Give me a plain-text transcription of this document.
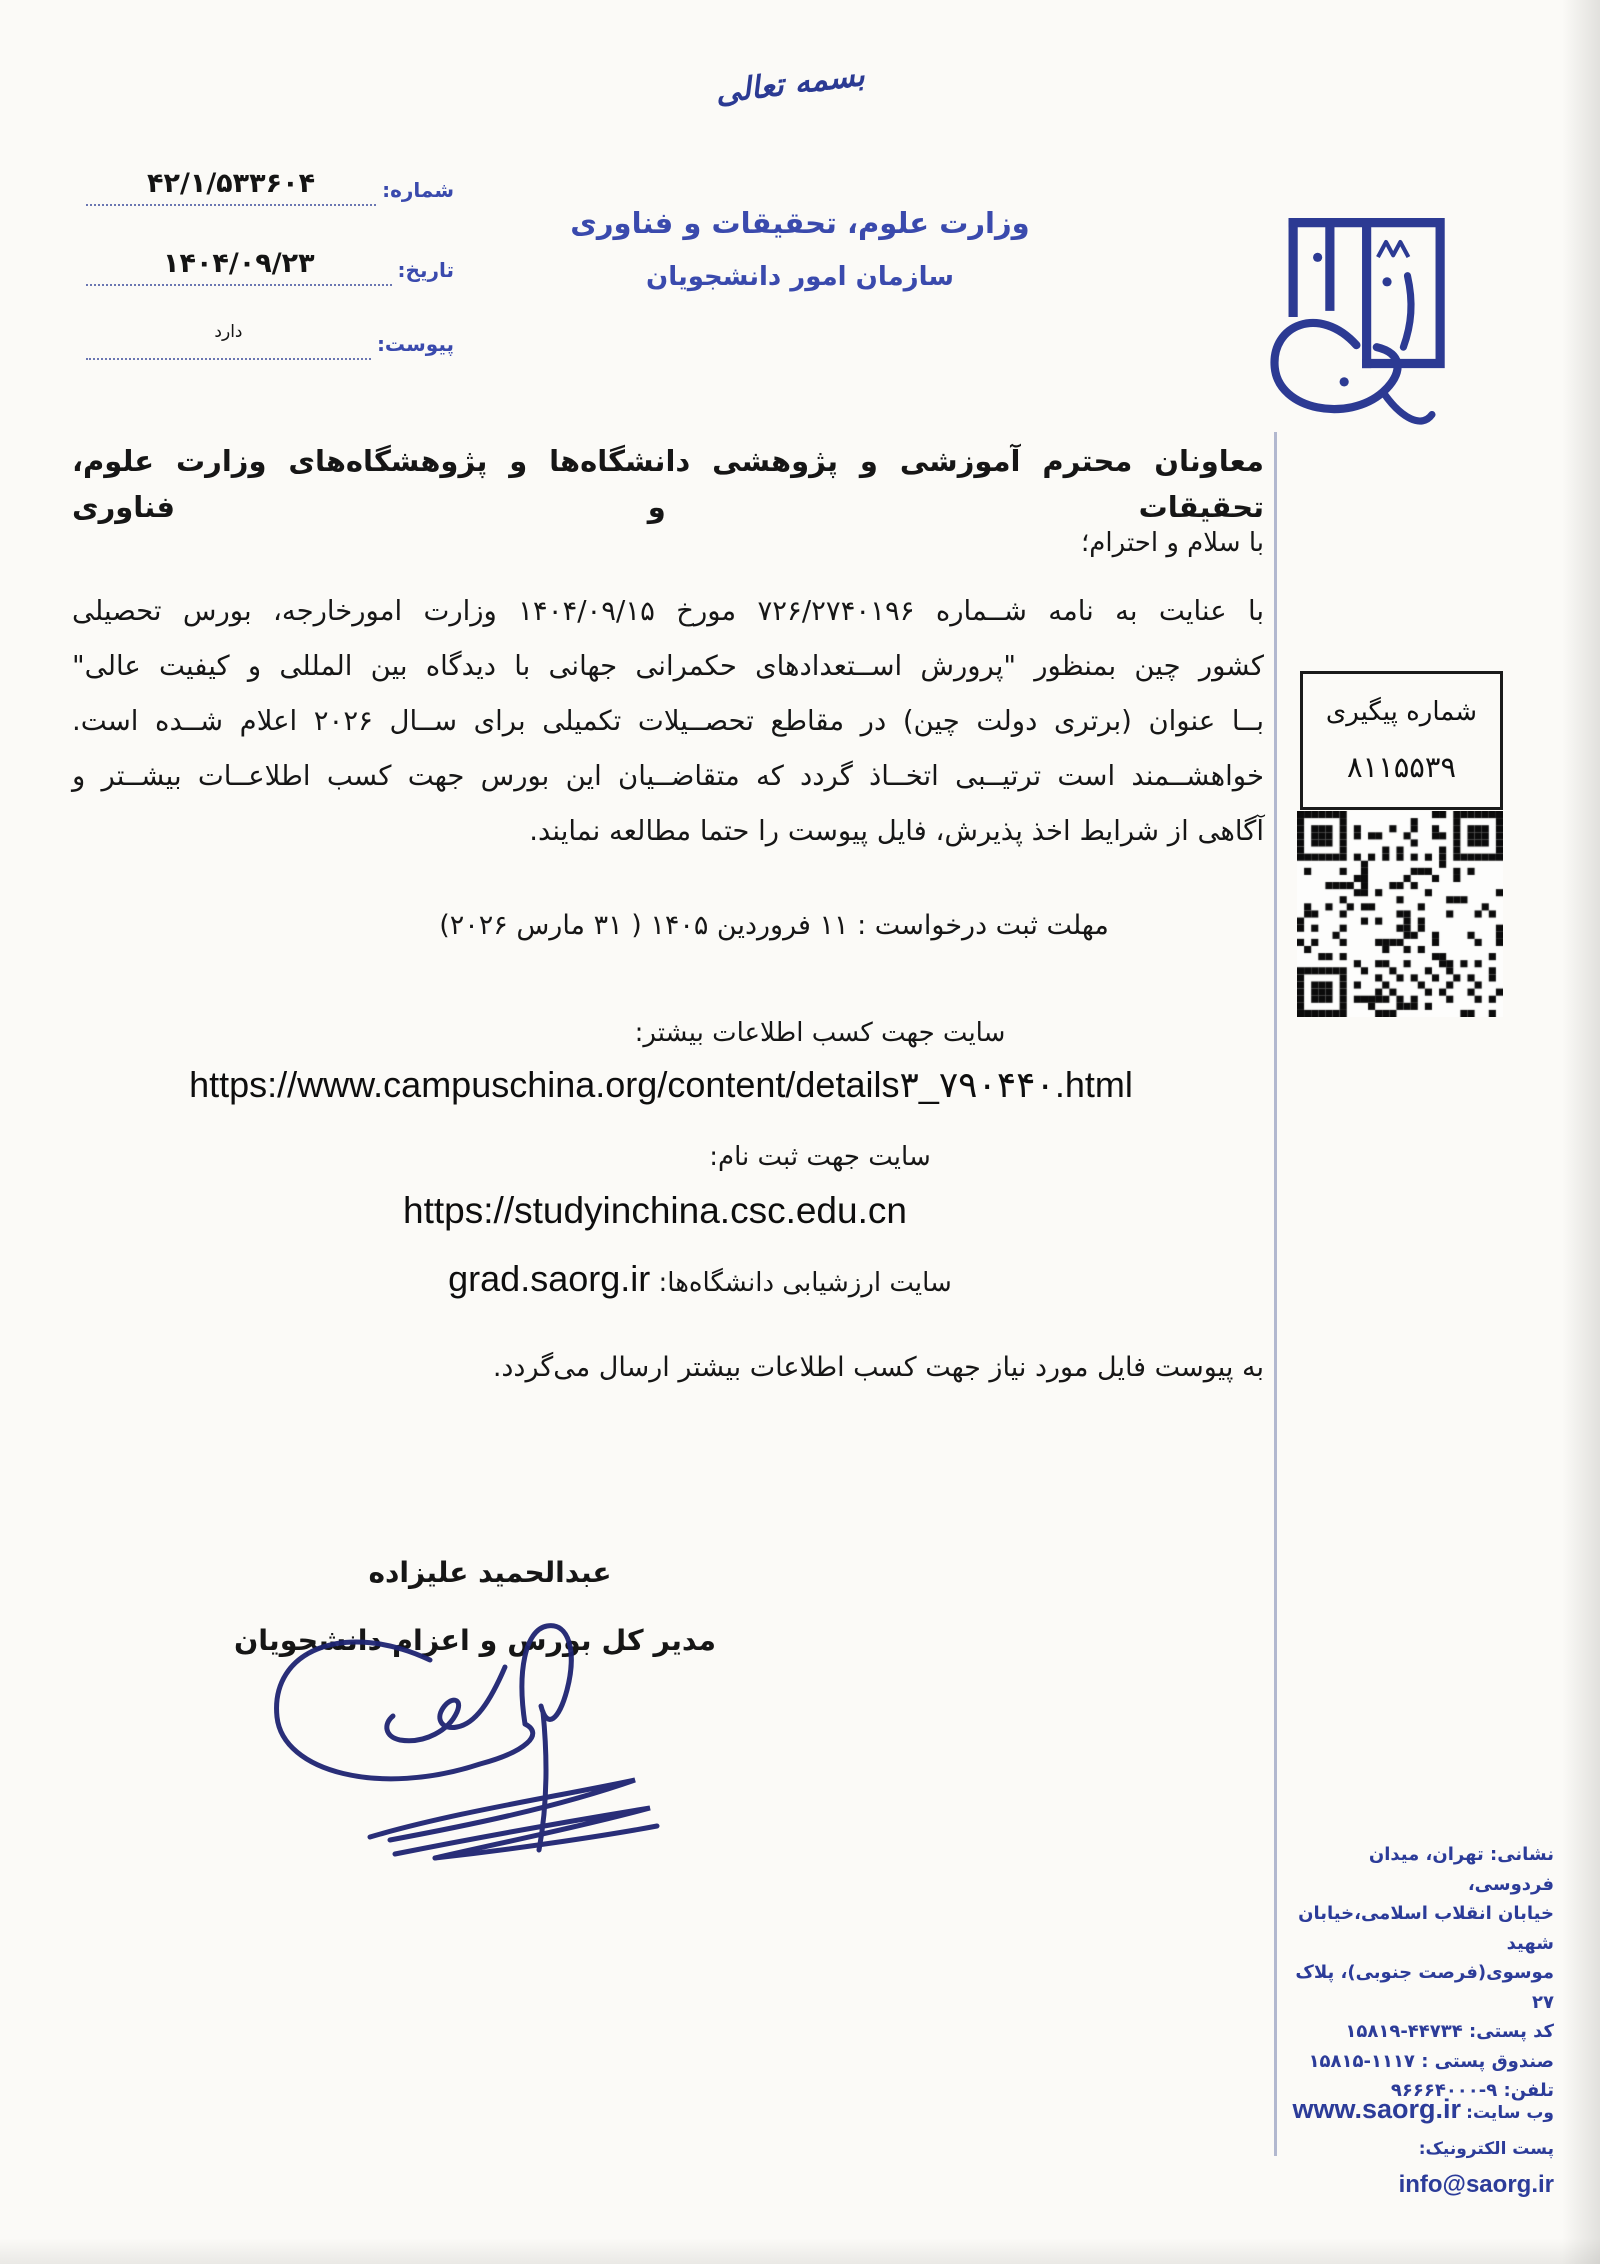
بسمه تعالی
وزارت علوم، تحقیقات و فناوری
سازمان امور دانشجویان
شماره:
۴۲/۱/۵۳۳۶۰۴
تاریخ:
۱۴۰۴/۰۹/۲۳
پیوست:
دارد
شماره پیگیری
۸۱۱۵۵۳۹
معاونان محترم آموزشی و پژوهشی دانشگاه‌ها و پژوهشگاه‌های وزارت علوم، تحقیقات و فناوری
با سلام و احترام؛
با عنایت به نامه شــماره ۷۲۶/۲۷۴۰۱۹۶ مورخ ۱۴۰۴/۰۹/۱۵ وزارت امورخارجه، بورس تحصیلی
کشور چین بمنظور "پرورش اســتعدادهای حکمرانی جهانی با دیدگاه بین المللی و کیفیت عالی"
بــا عنوان (برتری دولت چین) در مقاطع تحصــیلات تکمیلی برای ســال ۲۰۲۶ اعلام شــده است.
خواهشــمند است ترتیــبی اتخــاذ گردد که متقاضــیان این بورس جهت کسب اطلاعــات بیشــتر و
آگاهی از شرایط اخذ پذیرش، فایل پیوست را حتما مطالعه نمایند.
مهلت ثبت درخواست : ۱۱ فروردین ۱۴۰۵ ( ۳۱ مارس ۲۰۲۶)
سایت جهت کسب اطلاعات بیشتر:
https://www.campuschina.org/content/details۳_۷۹۰۴۴۰.html
سایت جهت ثبت نام:
https://studyinchina.csc.edu.cn
سایت ارزشیابی دانشگاه‌ها: grad.saorg.ir
به پیوست فایل مورد نیاز جهت کسب اطلاعات بیشتر ارسال می‌گردد.
عبدالحمید علیزاده
مدیر کل بورس و اعزام دانشجویان
نشانی: تهران، میدان فردوسی،
خیابان انقلاب اسلامی،خیابان شهید
موسوی(فرصت جنوبی)، پلاک ۲۷
کد پستی: ۱۵۸۱۹-۴۴۷۳۴
صندوق پستی : ۱۵۸۱۵-۱۱۱۷
تلفن: ۹۶۶۶۴۰۰۰-۹
وب سایت: www.saorg.ir
پست الکترونیک: info@saorg.ir
